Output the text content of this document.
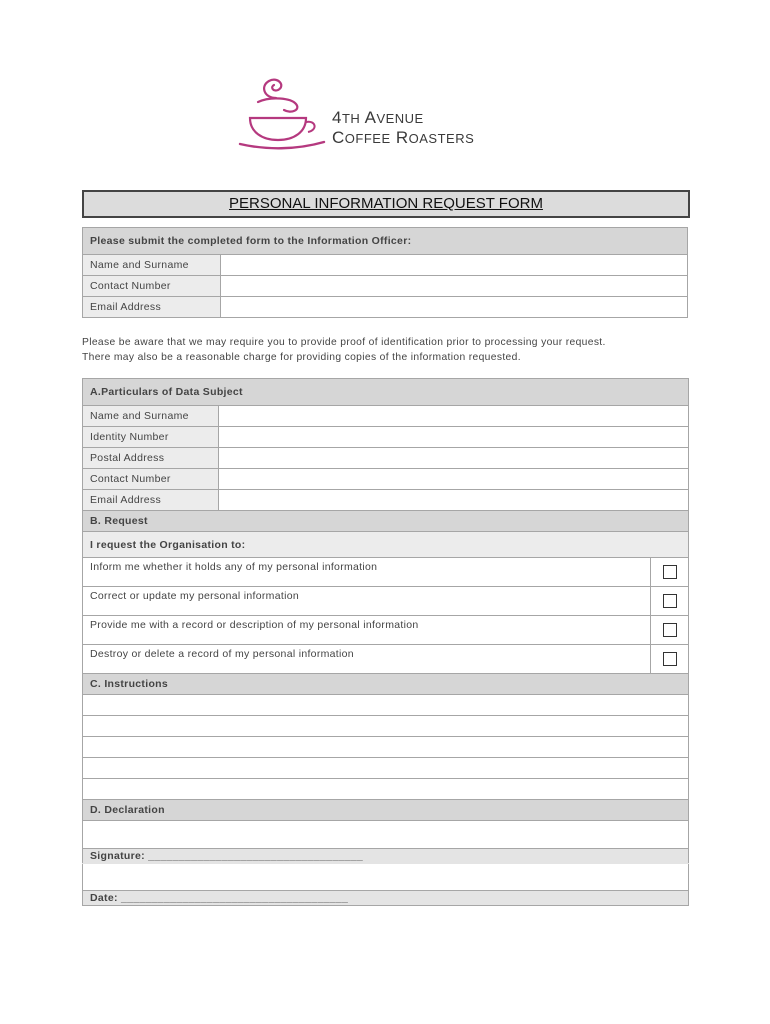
4TH AVENUE
COFFEE ROASTERS
PERSONAL INFORMATION REQUEST FORM
Please submit the completed form to the Information Officer:	
Name and Surname	
Contact Number	
Email Address	
Please be aware that we may require you to provide proof of identification prior to processing your request.
There may also be a reasonable charge for providing copies of the information requested.
A.Particulars of Data Subject		
Name and Surname		
Identity Number		
Postal Address		
Contact Number		
Email Address		
B. Request		
I request the Organisation to:		
Inform me whether it holds any of my personal information		
Correct or update my personal information		
Provide me with a record or description of my personal information		
Destroy or delete a record of my personal information		
C. Instructions		

D. Declaration		

Signature: ___________________________________		

Date: _____________________________________		
